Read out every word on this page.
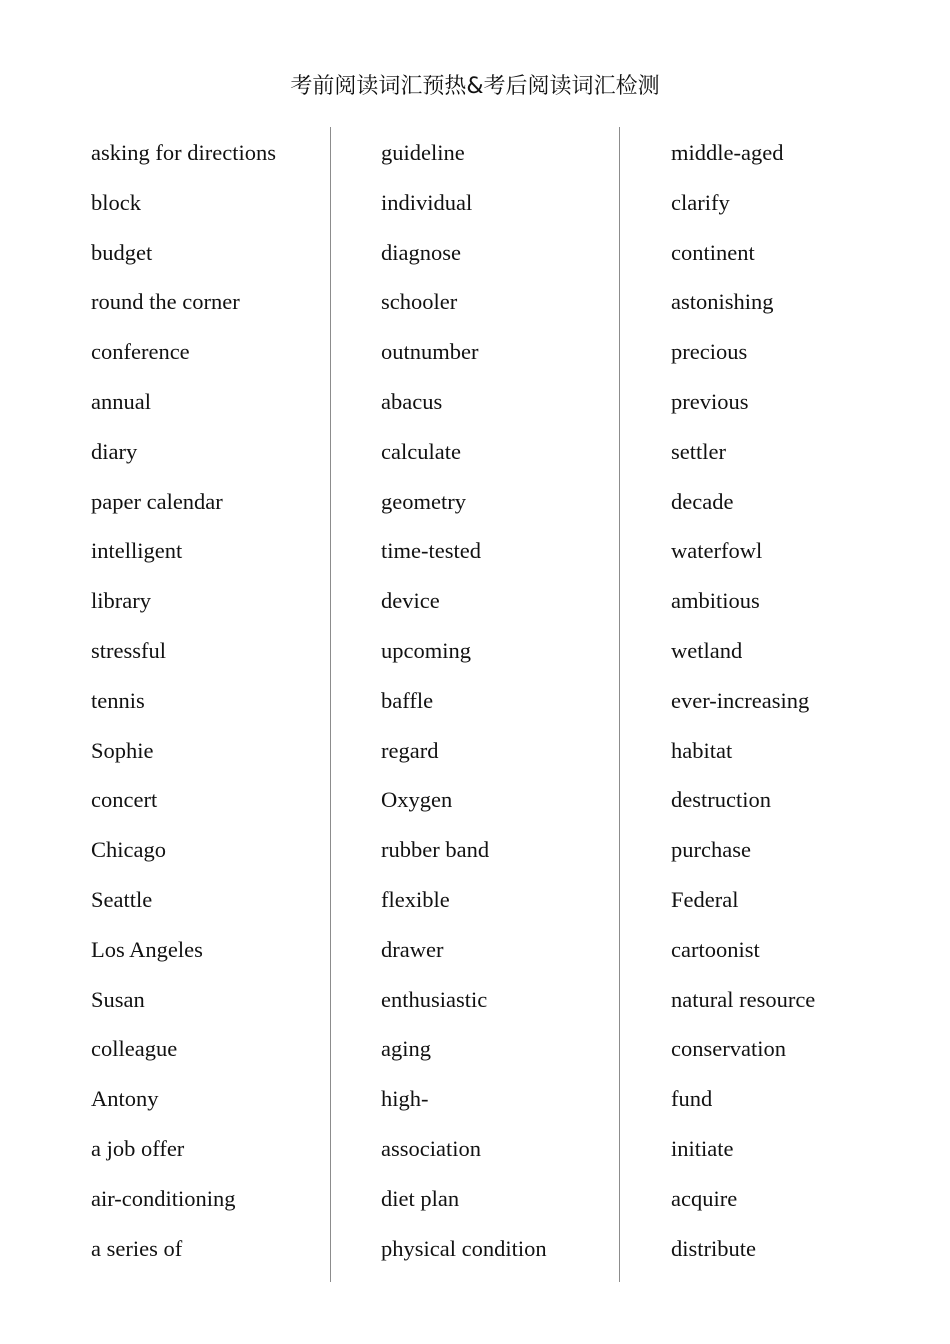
考前阅读词汇预热&考后阅读词汇检测
asking for directions
block
budget
round the corner
conference
annual
diary
paper calendar
intelligent
library
stressful
tennis
Sophie
concert
Chicago
Seattle
Los Angeles
Susan
colleague
Antony
a job offer
air-conditioning
a series of
guideline
individual
diagnose
schooler
outnumber
abacus
calculate
geometry
time-tested
device
upcoming
baffle
regard
Oxygen
rubber band
flexible
drawer
enthusiastic
aging
high-
association
diet plan
physical condition
middle-aged
clarify
continent
astonishing
precious
previous
settler
decade
waterfowl
ambitious
wetland
ever-increasing
habitat
destruction
purchase
Federal
cartoonist
natural resource
conservation
fund
initiate
acquire
distribute
